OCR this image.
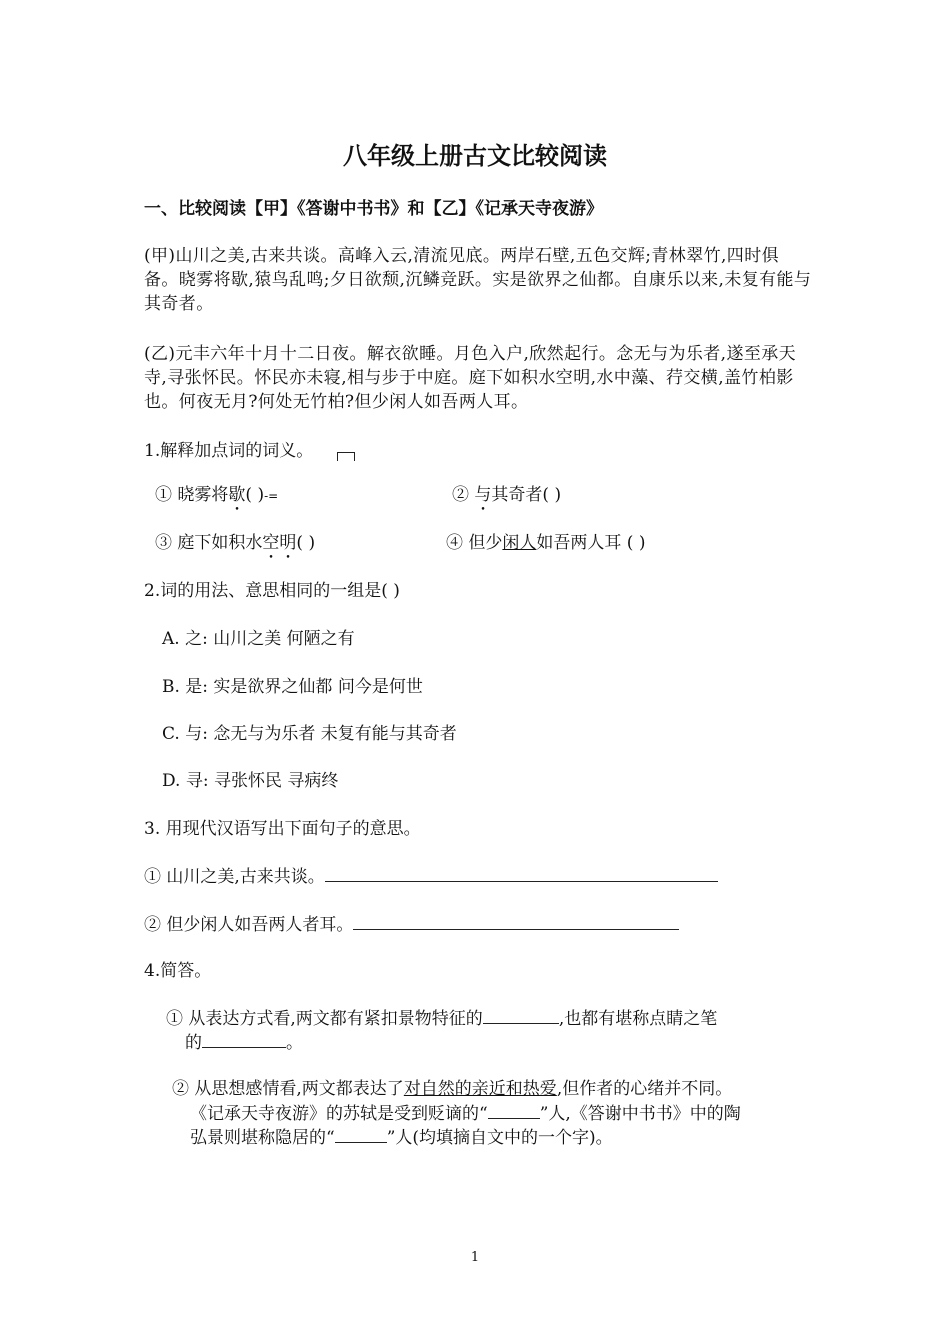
八年级上册古文比较阅读
一、比较阅读【甲】《答谢中书书》和【乙】《记承天寺夜游》
(甲)山川之美,古来共谈。高峰入云,清流见底。两岸石壁,五色交辉;青林翠竹,四时俱备。晓雾将歇,猿鸟乱鸣;夕日欲颓,沉鳞竞跃。实是欲界之仙都。自康乐以来,未复有能与其奇者。
(乙)元丰六年十月十二日夜。解衣欲睡。月色入户,欣然起行。念无与为乐者,遂至承天寺,寻张怀民。怀民亦未寝,相与步于中庭。庭下如积水空明,水中藻、荇交横,盖竹柏影也。何夜无月?何处无竹柏?但少闲人如吾两人耳。
1.解释加点词的词义。
① 晓雾将歇( )-=	② 与其奇者( )
③ 庭下如积水空明( )	④ 但少闲人如吾两人耳 ( )
2.词的用法、意思相同的一组是( )
A. 之: 山川之美 何陋之有
B. 是: 实是欲界之仙都 问今是何世
C. 与: 念无与为乐者 未复有能与其奇者
D. 寻: 寻张怀民 寻病终
3. 用现代汉语写出下面句子的意思。
① 山川之美,古来共谈。
② 但少闲人如吾两人者耳。
4.简答。
① 从表达方式看,两文都有紧扣景物特征的	,也都有堪称点睛之笔
的	。
② 从思想感情看,两文都表达了对自然的亲近和热爱,但作者的心绪并不同。
《记承天寺夜游》的苏轼是受到贬谪的“	”人,《答谢中书书》中的陶
弘景则堪称隐居的“	”人(均填摘自文中的一个字)。
1
